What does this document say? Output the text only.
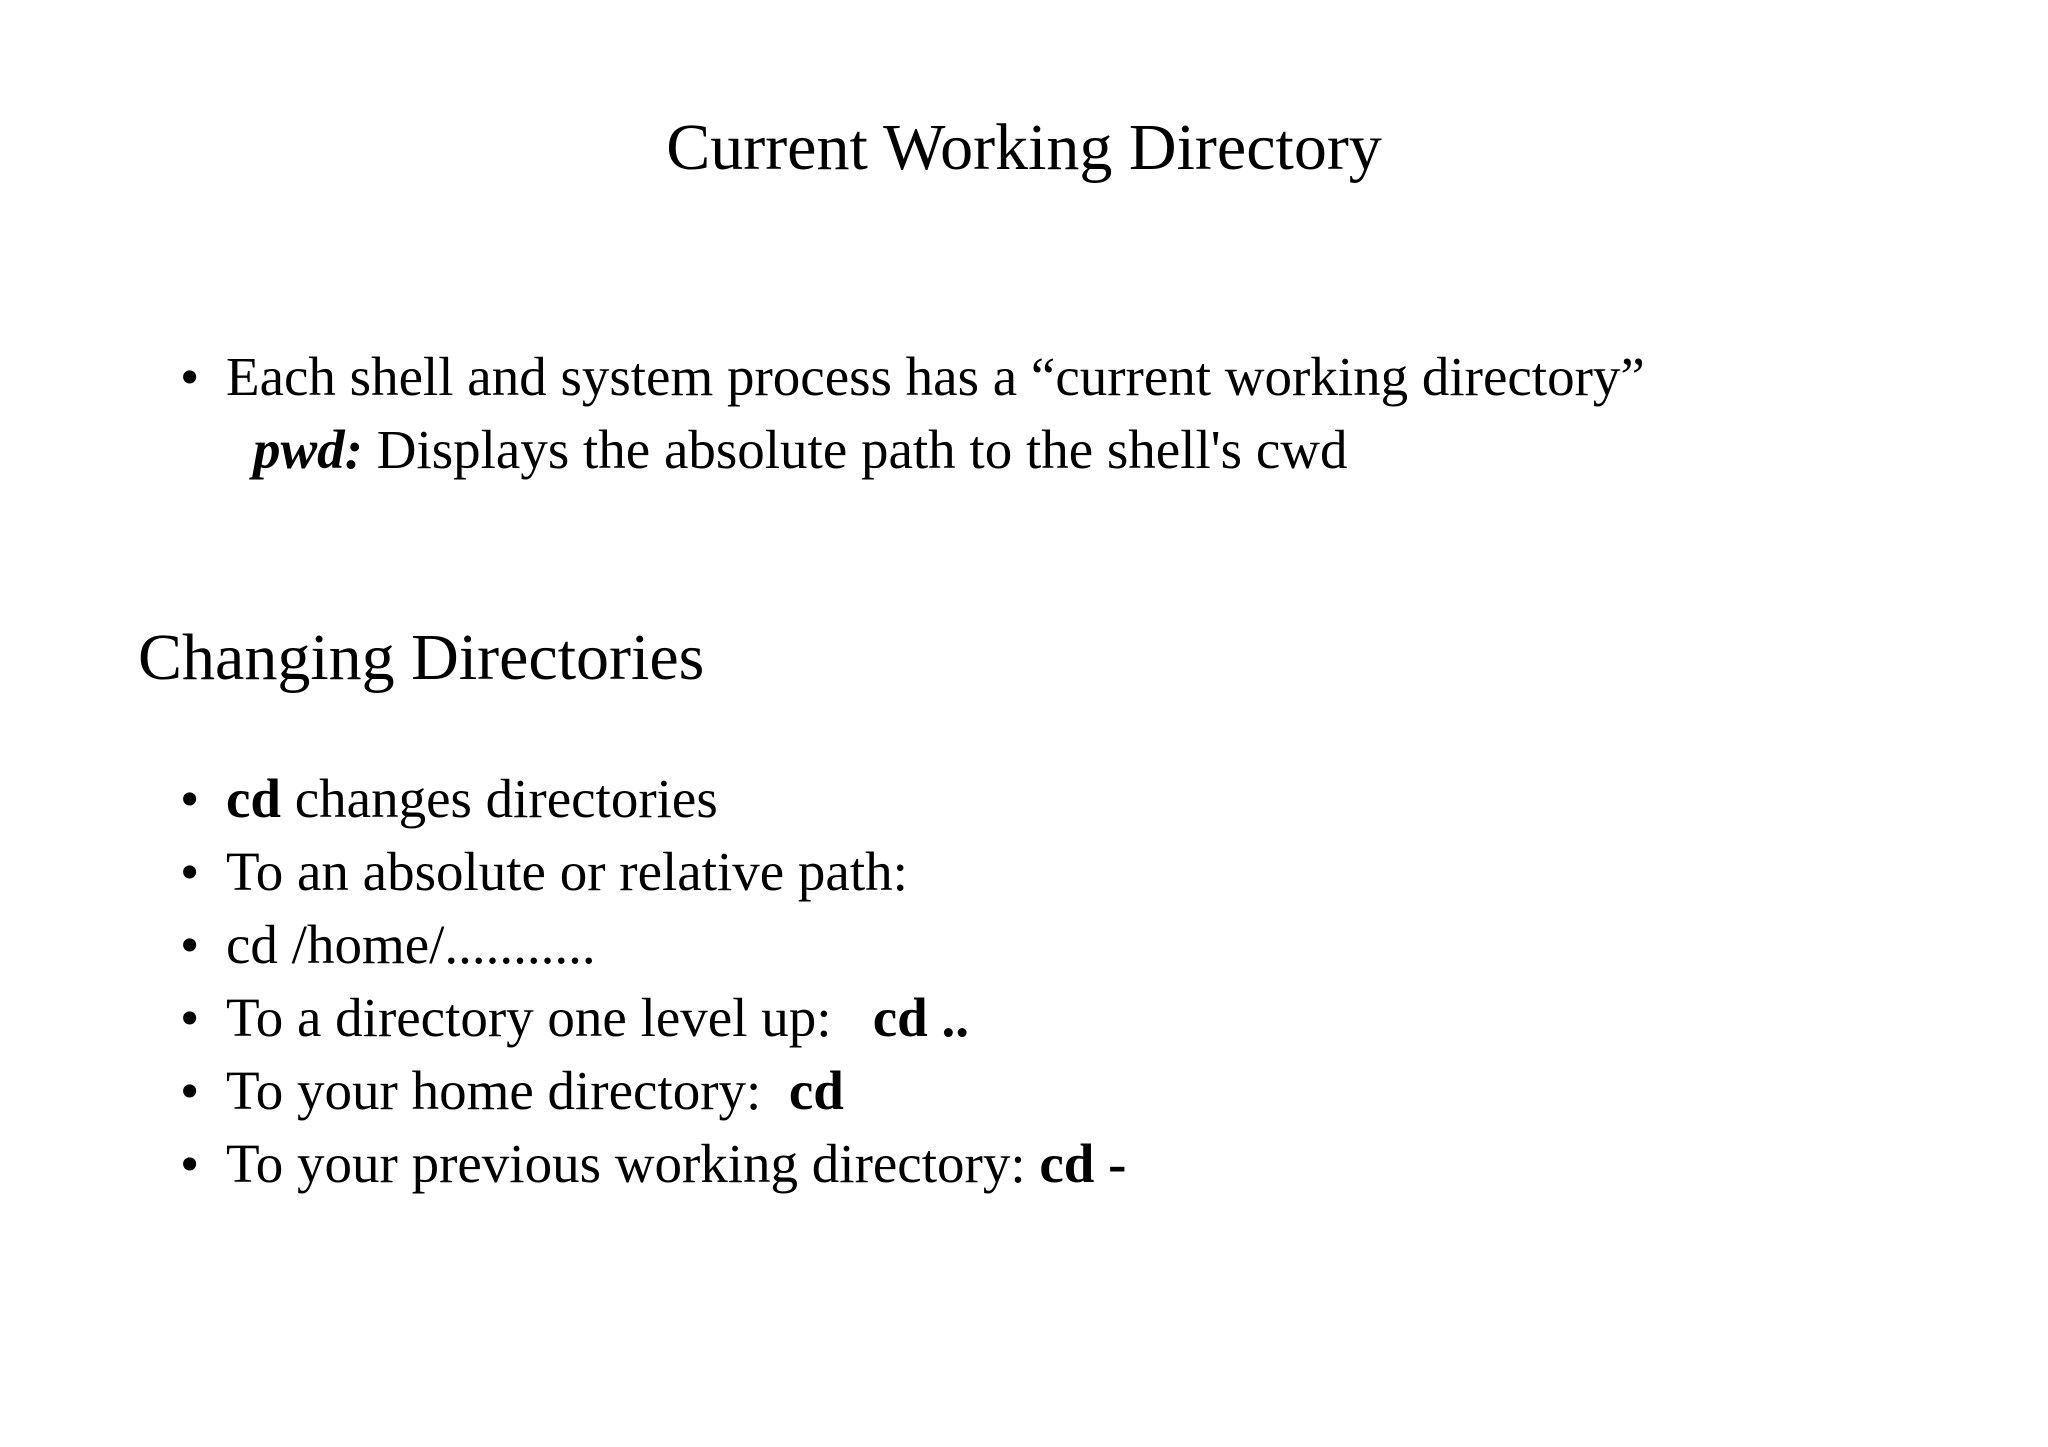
Current Working Directory
• Each shell and system process has a “current working directory”
pwd: Displays the absolute path to the shell's cwd
Changing Directories
• cd changes directories
• To an absolute or relative path:
• cd /home/...........
• To a directory one level up:   cd ..
• To your home directory:  cd
• To your previous working directory: cd -
